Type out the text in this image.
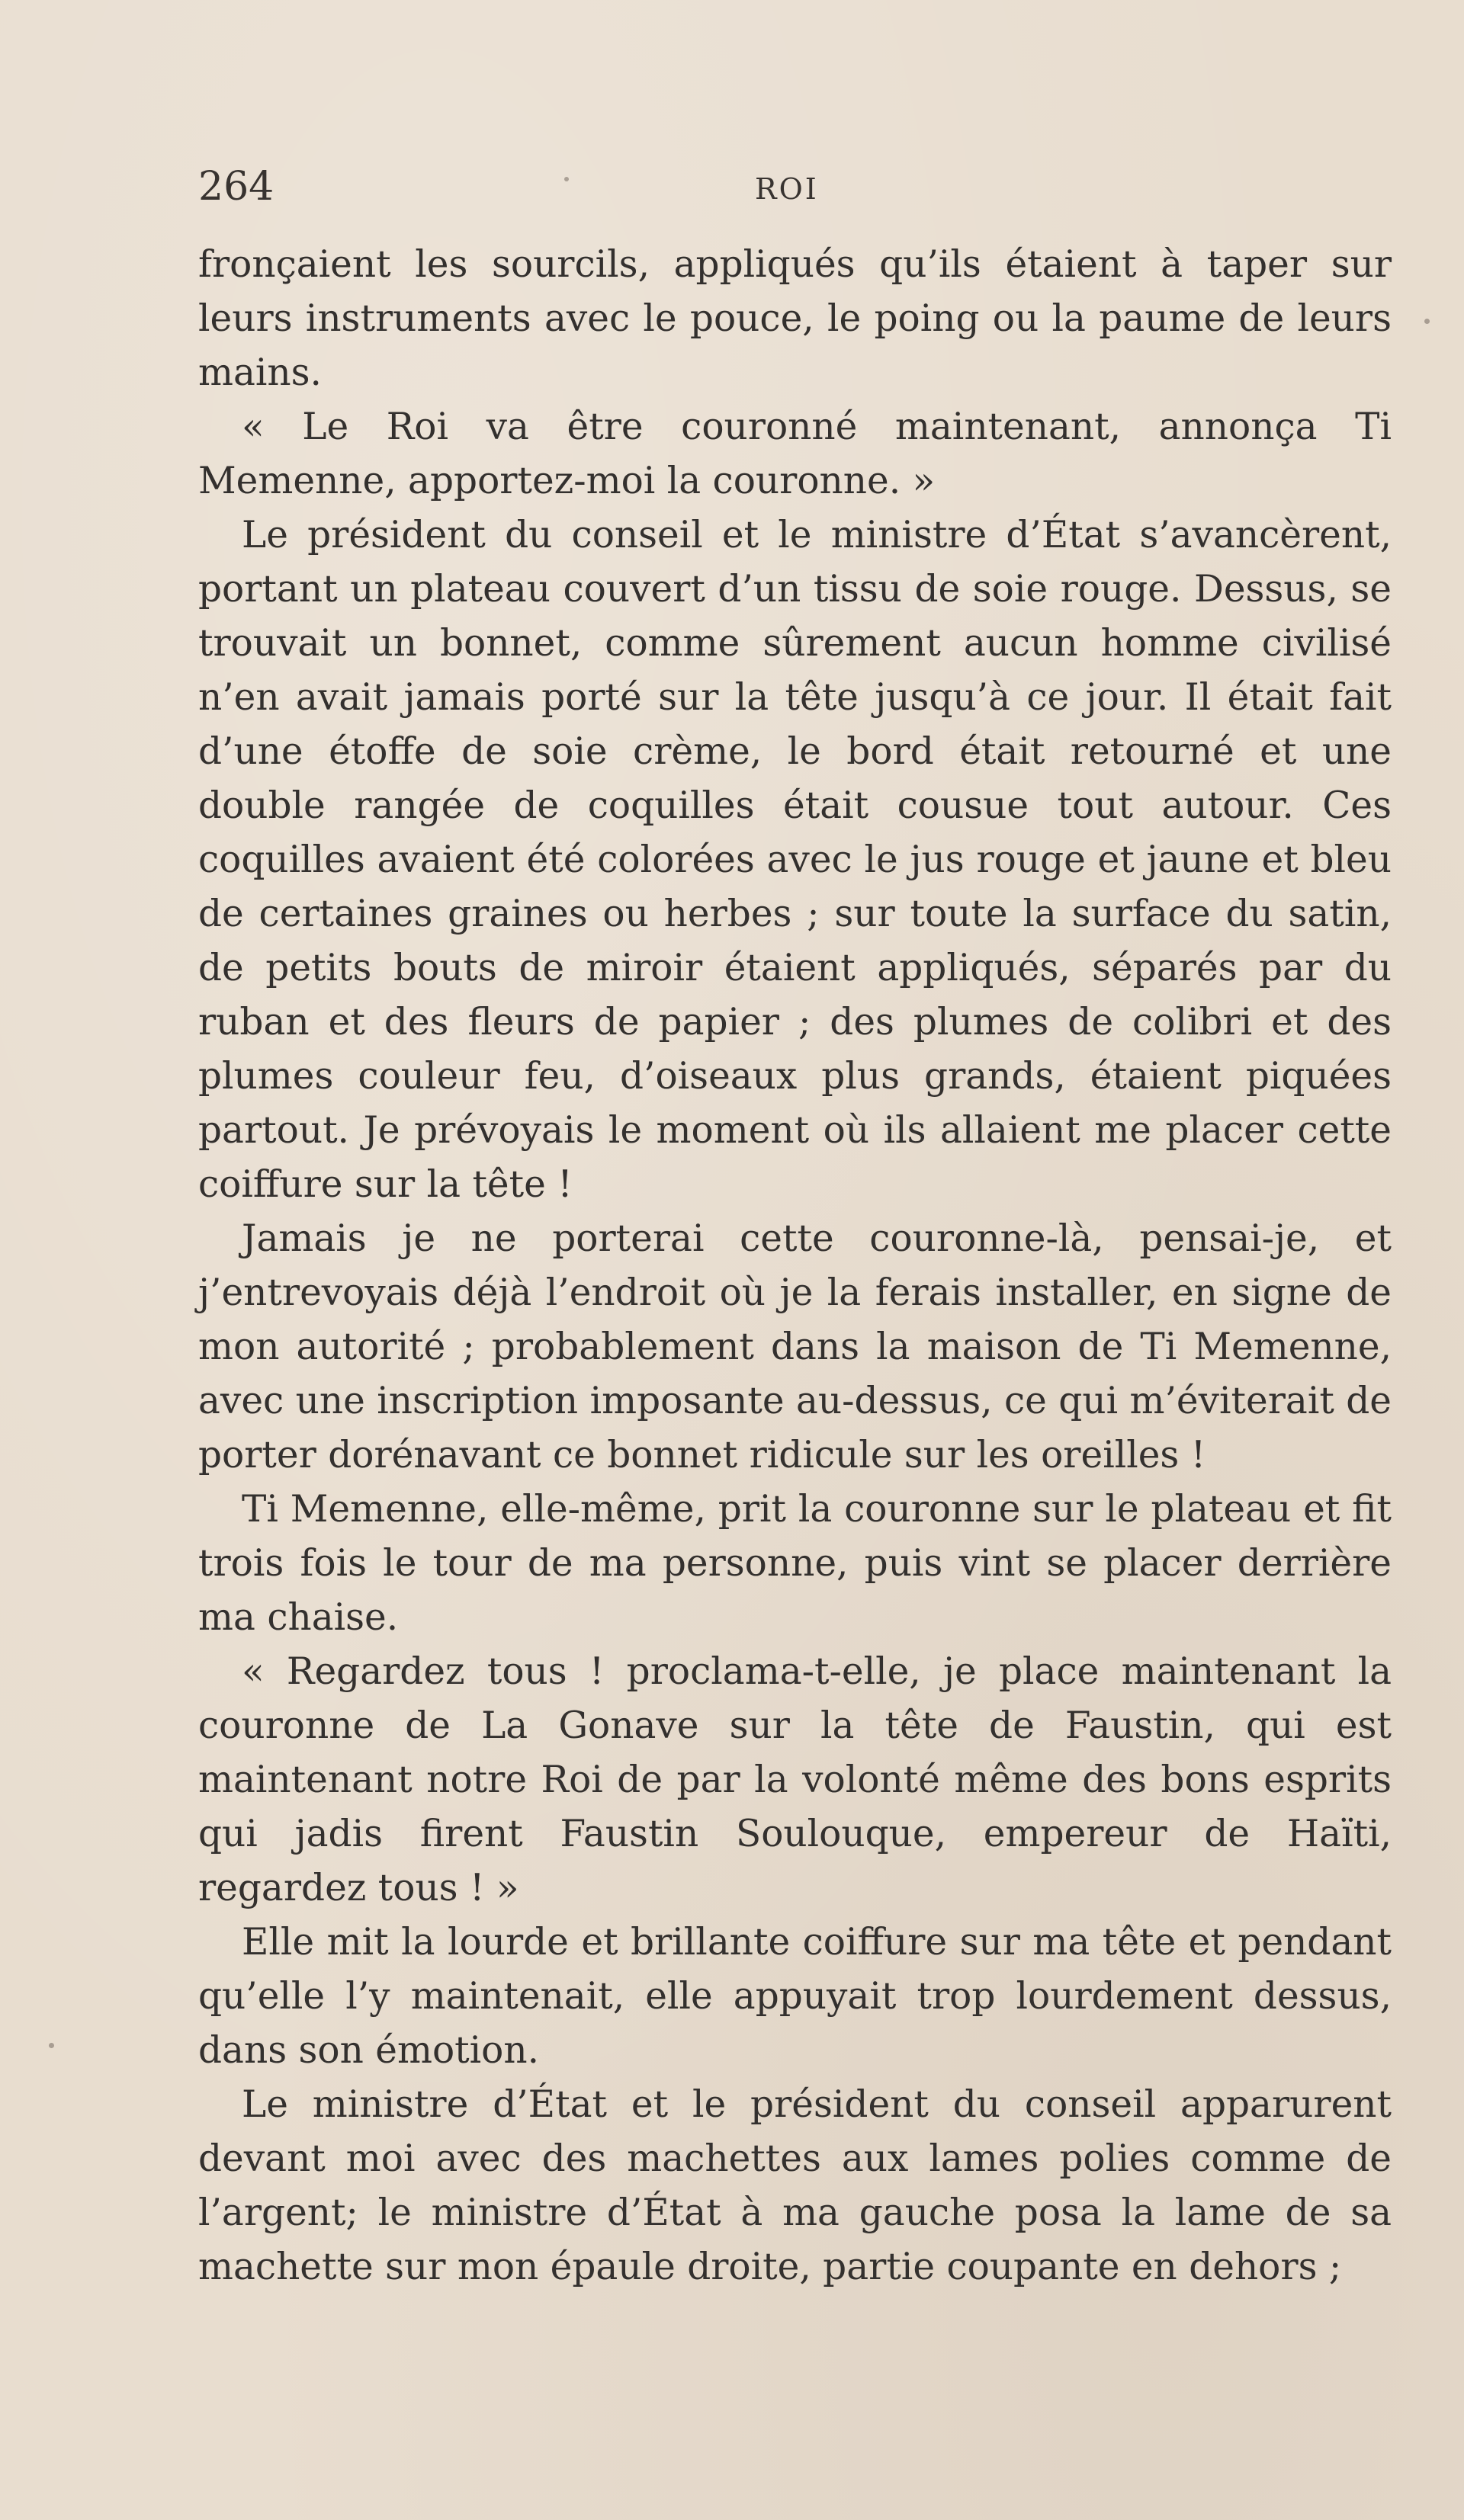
264	ROI

fronçaient les sourcils, appliqués qu’ils étaient à taper sur leurs instruments avec le pouce, le poing ou la paume de leurs mains.

« Le Roi va être couronné maintenant, annonça Ti Memenne, apportez-moi la couronne. »

Le président du conseil et le ministre d’État s’avancèrent, portant un plateau couvert d’un tissu de soie rouge. Dessus, se trouvait un bonnet, comme sûrement aucun homme civilisé n’en avait jamais porté sur la tête jusqu’à ce jour. Il était fait d’une étoffe de soie crème, le bord était retourné et une double rangée de coquilles était cousue tout autour. Ces coquilles avaient été colorées avec le jus rouge et jaune et bleu de certaines graines ou herbes ; sur toute la surface du satin, de petits bouts de miroir étaient appliqués, séparés par du ruban et des fleurs de papier ; des plumes de colibri et des plumes couleur feu, d’oiseaux plus grands, étaient piquées partout. Je prévoyais le moment où ils allaient me placer cette coiffure sur la tête !

Jamais je ne porterai cette couronne-là, pensai-je, et j’entrevoyais déjà l’endroit où je la ferais installer, en signe de mon autorité ; probablement dans la maison de Ti Memenne, avec une inscription imposante au-dessus, ce qui m’éviterait de porter dorénavant ce bonnet ridicule sur les oreilles !

Ti Memenne, elle-même, prit la couronne sur le plateau et fit trois fois le tour de ma personne, puis vint se placer derrière ma chaise.

« Regardez tous ! proclama-t-elle, je place maintenant la couronne de La Gonave sur la tête de Faustin, qui est maintenant notre Roi de par la volonté même des bons esprits qui jadis firent Faustin Soulouque, empereur de Haïti, regardez tous ! »

Elle mit la lourde et brillante coiffure sur ma tête et pendant qu’elle l’y maintenait, elle appuyait trop lourdement dessus, dans son émotion.

Le ministre d’État et le président du conseil apparurent devant moi avec des machettes aux lames polies comme de l’argent; le ministre d’État à ma gauche posa la lame de sa machette sur mon épaule droite, partie coupante en dehors ;
